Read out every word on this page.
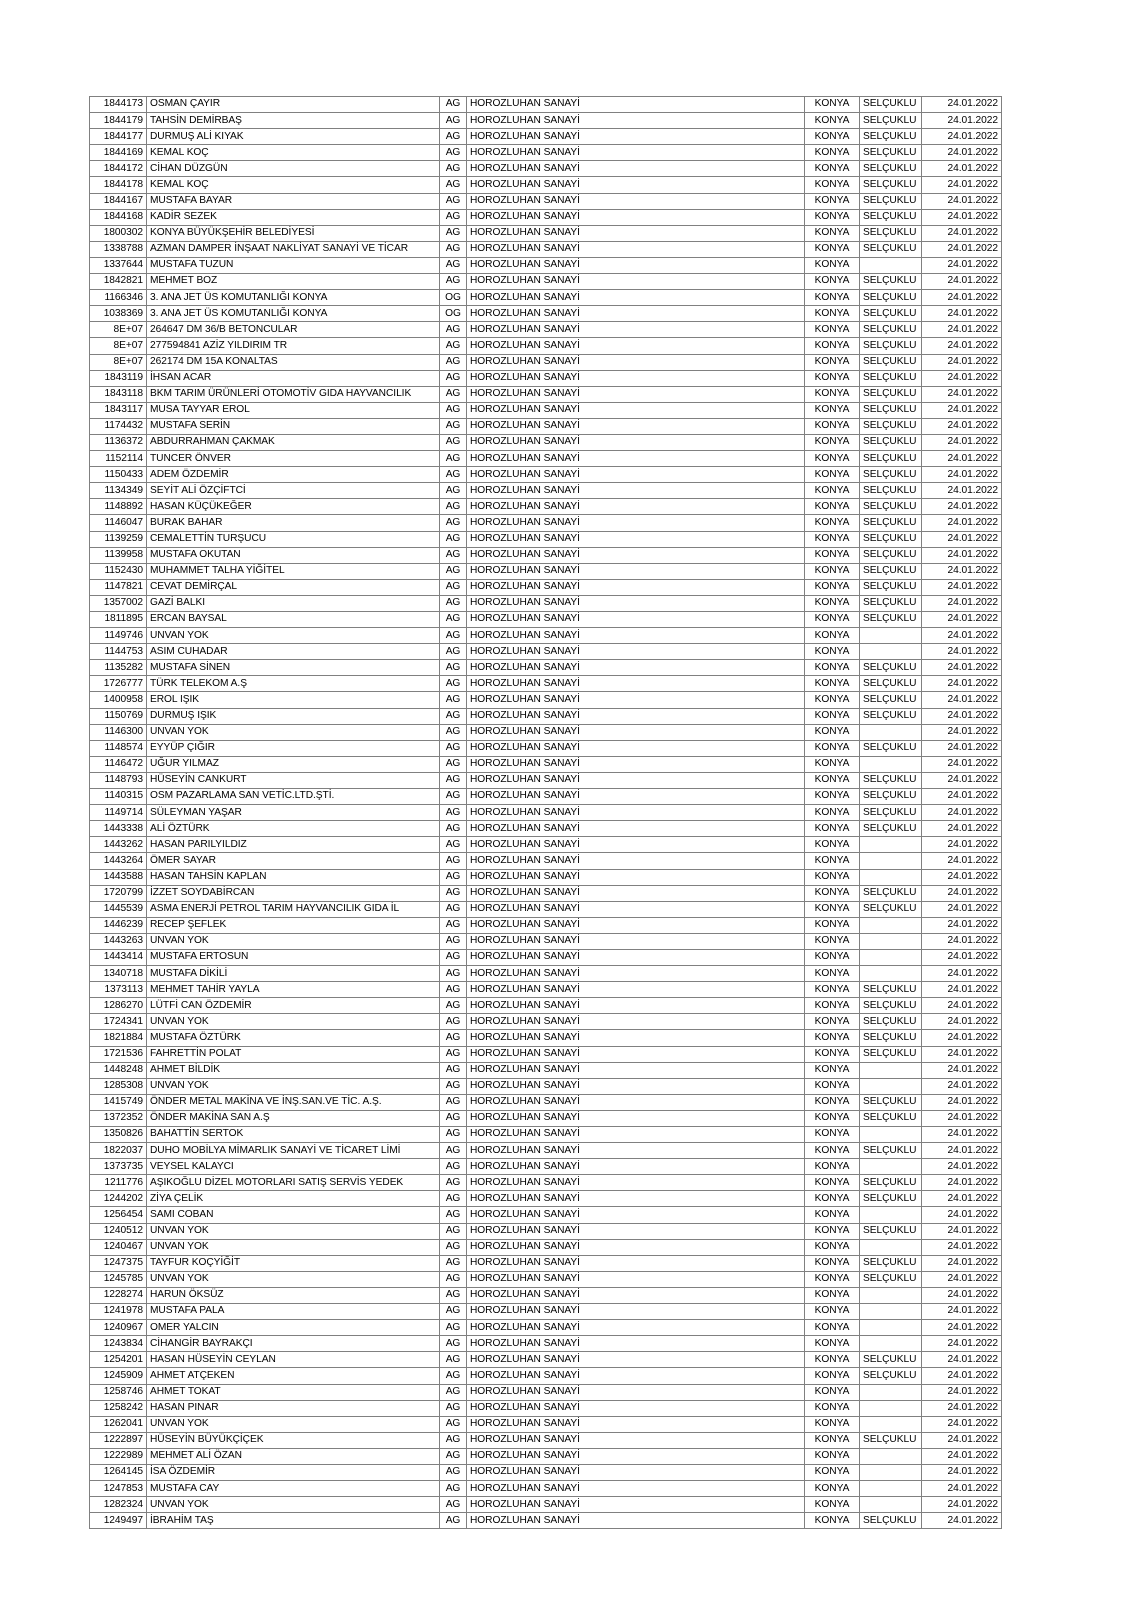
1844173	OSMAN ÇAYIR	AG	HOROZLUHAN SANAYİ	KONYA	SELÇUKLU	24.01.2022
1844179	TAHSİN DEMİRBAŞ	AG	HOROZLUHAN SANAYİ	KONYA	SELÇUKLU	24.01.2022
1844177	DURMUŞ ALİ KIYAK	AG	HOROZLUHAN SANAYİ	KONYA	SELÇUKLU	24.01.2022
1844169	KEMAL KOÇ	AG	HOROZLUHAN SANAYİ	KONYA	SELÇUKLU	24.01.2022
1844172	CİHAN DÜZGÜN	AG	HOROZLUHAN SANAYİ	KONYA	SELÇUKLU	24.01.2022
1844178	KEMAL KOÇ	AG	HOROZLUHAN SANAYİ	KONYA	SELÇUKLU	24.01.2022
1844167	MUSTAFA BAYAR	AG	HOROZLUHAN SANAYİ	KONYA	SELÇUKLU	24.01.2022
1844168	KADİR SEZEK	AG	HOROZLUHAN SANAYİ	KONYA	SELÇUKLU	24.01.2022
1800302	KONYA BÜYÜKŞEHİR BELEDİYESİ	AG	HOROZLUHAN SANAYİ	KONYA	SELÇUKLU	24.01.2022
1338788	AZMAN DAMPER İNŞAAT NAKLİYAT SANAYİ VE TİCAR	AG	HOROZLUHAN SANAYİ	KONYA	SELÇUKLU	24.01.2022
1337644	MUSTAFA TUZUN	AG	HOROZLUHAN SANAYİ	KONYA		24.01.2022
1842821	MEHMET BOZ	AG	HOROZLUHAN SANAYİ	KONYA	SELÇUKLU	24.01.2022
1166346	3. ANA JET ÜS KOMUTANLIĞI KONYA	OG	HOROZLUHAN SANAYİ	KONYA	SELÇUKLU	24.01.2022
1038369	3. ANA JET ÜS KOMUTANLIĞI KONYA	OG	HOROZLUHAN SANAYİ	KONYA	SELÇUKLU	24.01.2022
8E+07	264647 DM 36/B BETONCULAR	AG	HOROZLUHAN SANAYİ	KONYA	SELÇUKLU	24.01.2022
8E+07	277594841 AZİZ YILDIRIM TR	AG	HOROZLUHAN SANAYİ	KONYA	SELÇUKLU	24.01.2022
8E+07	262174 DM 15A KONALTAS	AG	HOROZLUHAN SANAYİ	KONYA	SELÇUKLU	24.01.2022
1843119	İHSAN ACAR	AG	HOROZLUHAN SANAYİ	KONYA	SELÇUKLU	24.01.2022
1843118	BKM TARIM ÜRÜNLERİ OTOMOTİV GIDA HAYVANCILIK	AG	HOROZLUHAN SANAYİ	KONYA	SELÇUKLU	24.01.2022
1843117	MUSA TAYYAR EROL	AG	HOROZLUHAN SANAYİ	KONYA	SELÇUKLU	24.01.2022
1174432	MUSTAFA SERİN	AG	HOROZLUHAN SANAYİ	KONYA	SELÇUKLU	24.01.2022
1136372	ABDURRAHMAN ÇAKMAK	AG	HOROZLUHAN SANAYİ	KONYA	SELÇUKLU	24.01.2022
1152114	TUNCER ÖNVER	AG	HOROZLUHAN SANAYİ	KONYA	SELÇUKLU	24.01.2022
1150433	ADEM ÖZDEMİR	AG	HOROZLUHAN SANAYİ	KONYA	SELÇUKLU	24.01.2022
1134349	SEYİT ALİ ÖZÇİFTCİ	AG	HOROZLUHAN SANAYİ	KONYA	SELÇUKLU	24.01.2022
1148892	HASAN KÜÇÜKEĞER	AG	HOROZLUHAN SANAYİ	KONYA	SELÇUKLU	24.01.2022
1146047	BURAK BAHAR	AG	HOROZLUHAN SANAYİ	KONYA	SELÇUKLU	24.01.2022
1139259	CEMALETTİN TURŞUCU	AG	HOROZLUHAN SANAYİ	KONYA	SELÇUKLU	24.01.2022
1139958	MUSTAFA OKUTAN	AG	HOROZLUHAN SANAYİ	KONYA	SELÇUKLU	24.01.2022
1152430	MUHAMMET TALHA YİĞİTEL	AG	HOROZLUHAN SANAYİ	KONYA	SELÇUKLU	24.01.2022
1147821	CEVAT DEMİRÇAL	AG	HOROZLUHAN SANAYİ	KONYA	SELÇUKLU	24.01.2022
1357002	GAZİ BALKI	AG	HOROZLUHAN SANAYİ	KONYA	SELÇUKLU	24.01.2022
1811895	ERCAN BAYSAL	AG	HOROZLUHAN SANAYİ	KONYA	SELÇUKLU	24.01.2022
1149746	UNVAN YOK	AG	HOROZLUHAN SANAYİ	KONYA		24.01.2022
1144753	ASIM CUHADAR	AG	HOROZLUHAN SANAYİ	KONYA		24.01.2022
1135282	MUSTAFA SİNEN	AG	HOROZLUHAN SANAYİ	KONYA	SELÇUKLU	24.01.2022
1726777	TÜRK TELEKOM A.Ş	AG	HOROZLUHAN SANAYİ	KONYA	SELÇUKLU	24.01.2022
1400958	EROL IŞIK	AG	HOROZLUHAN SANAYİ	KONYA	SELÇUKLU	24.01.2022
1150769	DURMUŞ IŞIK	AG	HOROZLUHAN SANAYİ	KONYA	SELÇUKLU	24.01.2022
1146300	UNVAN YOK	AG	HOROZLUHAN SANAYİ	KONYA		24.01.2022
1148574	EYYÜP ÇIĞIR	AG	HOROZLUHAN SANAYİ	KONYA	SELÇUKLU	24.01.2022
1146472	UĞUR YILMAZ	AG	HOROZLUHAN SANAYİ	KONYA		24.01.2022
1148793	HÜSEYİN CANKURT	AG	HOROZLUHAN SANAYİ	KONYA	SELÇUKLU	24.01.2022
1140315	OSM PAZARLAMA SAN VETİC.LTD.ŞTİ.	AG	HOROZLUHAN SANAYİ	KONYA	SELÇUKLU	24.01.2022
1149714	SÜLEYMAN YAŞAR	AG	HOROZLUHAN SANAYİ	KONYA	SELÇUKLU	24.01.2022
1443338	ALİ ÖZTÜRK	AG	HOROZLUHAN SANAYİ	KONYA	SELÇUKLU	24.01.2022
1443262	HASAN PARILYILDIZ	AG	HOROZLUHAN SANAYİ	KONYA		24.01.2022
1443264	ÖMER SAYAR	AG	HOROZLUHAN SANAYİ	KONYA		24.01.2022
1443588	HASAN TAHSİN KAPLAN	AG	HOROZLUHAN SANAYİ	KONYA		24.01.2022
1720799	İZZET SOYDABİRCAN	AG	HOROZLUHAN SANAYİ	KONYA	SELÇUKLU	24.01.2022
1445539	ASMA ENERJİ PETROL TARIM HAYVANCILIK GIDA İL	AG	HOROZLUHAN SANAYİ	KONYA	SELÇUKLU	24.01.2022
1446239	RECEP ŞEFLEK	AG	HOROZLUHAN SANAYİ	KONYA		24.01.2022
1443263	UNVAN YOK	AG	HOROZLUHAN SANAYİ	KONYA		24.01.2022
1443414	MUSTAFA ERTOSUN	AG	HOROZLUHAN SANAYİ	KONYA		24.01.2022
1340718	MUSTAFA DİKİLİ	AG	HOROZLUHAN SANAYİ	KONYA		24.01.2022
1373113	MEHMET TAHİR YAYLA	AG	HOROZLUHAN SANAYİ	KONYA	SELÇUKLU	24.01.2022
1286270	LÜTFİ CAN ÖZDEMİR	AG	HOROZLUHAN SANAYİ	KONYA	SELÇUKLU	24.01.2022
1724341	UNVAN YOK	AG	HOROZLUHAN SANAYİ	KONYA	SELÇUKLU	24.01.2022
1821884	MUSTAFA ÖZTÜRK	AG	HOROZLUHAN SANAYİ	KONYA	SELÇUKLU	24.01.2022
1721536	FAHRETTİN POLAT	AG	HOROZLUHAN SANAYİ	KONYA	SELÇUKLU	24.01.2022
1448248	AHMET BİLDİK	AG	HOROZLUHAN SANAYİ	KONYA		24.01.2022
1285308	UNVAN YOK	AG	HOROZLUHAN SANAYİ	KONYA		24.01.2022
1415749	ÖNDER METAL MAKİNA VE İNŞ.SAN.VE TİC. A.Ş.	AG	HOROZLUHAN SANAYİ	KONYA	SELÇUKLU	24.01.2022
1372352	ÖNDER MAKİNA SAN A.Ş	AG	HOROZLUHAN SANAYİ	KONYA	SELÇUKLU	24.01.2022
1350826	BAHATTİN SERTOK	AG	HOROZLUHAN SANAYİ	KONYA		24.01.2022
1822037	DUHO MOBİLYA MİMARLIK SANAYİ VE TİCARET LİMİ	AG	HOROZLUHAN SANAYİ	KONYA	SELÇUKLU	24.01.2022
1373735	VEYSEL KALAYCI	AG	HOROZLUHAN SANAYİ	KONYA		24.01.2022
1211776	AŞIKOĞLU DİZEL MOTORLARI SATIŞ SERVİS YEDEK	AG	HOROZLUHAN SANAYİ	KONYA	SELÇUKLU	24.01.2022
1244202	ZİYA ÇELİK	AG	HOROZLUHAN SANAYİ	KONYA	SELÇUKLU	24.01.2022
1256454	SAMI COBAN	AG	HOROZLUHAN SANAYİ	KONYA		24.01.2022
1240512	UNVAN YOK	AG	HOROZLUHAN SANAYİ	KONYA	SELÇUKLU	24.01.2022
1240467	UNVAN YOK	AG	HOROZLUHAN SANAYİ	KONYA		24.01.2022
1247375	TAYFUR KOÇYİĞİT	AG	HOROZLUHAN SANAYİ	KONYA	SELÇUKLU	24.01.2022
1245785	UNVAN YOK	AG	HOROZLUHAN SANAYİ	KONYA	SELÇUKLU	24.01.2022
1228274	HARUN ÖKSÜZ	AG	HOROZLUHAN SANAYİ	KONYA		24.01.2022
1241978	MUSTAFA PALA	AG	HOROZLUHAN SANAYİ	KONYA		24.01.2022
1240967	OMER YALCIN	AG	HOROZLUHAN SANAYİ	KONYA		24.01.2022
1243834	CİHANGİR BAYRAKÇI	AG	HOROZLUHAN SANAYİ	KONYA		24.01.2022
1254201	HASAN HÜSEYİN CEYLAN	AG	HOROZLUHAN SANAYİ	KONYA	SELÇUKLU	24.01.2022
1245909	AHMET ATÇEKEN	AG	HOROZLUHAN SANAYİ	KONYA	SELÇUKLU	24.01.2022
1258746	AHMET TOKAT	AG	HOROZLUHAN SANAYİ	KONYA		24.01.2022
1258242	HASAN PINAR	AG	HOROZLUHAN SANAYİ	KONYA		24.01.2022
1262041	UNVAN YOK	AG	HOROZLUHAN SANAYİ	KONYA		24.01.2022
1222897	HÜSEYİN BÜYÜKÇİÇEK	AG	HOROZLUHAN SANAYİ	KONYA	SELÇUKLU	24.01.2022
1222989	MEHMET ALİ ÖZAN	AG	HOROZLUHAN SANAYİ	KONYA		24.01.2022
1264145	İSA ÖZDEMİR	AG	HOROZLUHAN SANAYİ	KONYA		24.01.2022
1247853	MUSTAFA CAY	AG	HOROZLUHAN SANAYİ	KONYA		24.01.2022
1282324	UNVAN YOK	AG	HOROZLUHAN SANAYİ	KONYA		24.01.2022
1249497	İBRAHİM TAŞ	AG	HOROZLUHAN SANAYİ	KONYA	SELÇUKLU	24.01.2022
